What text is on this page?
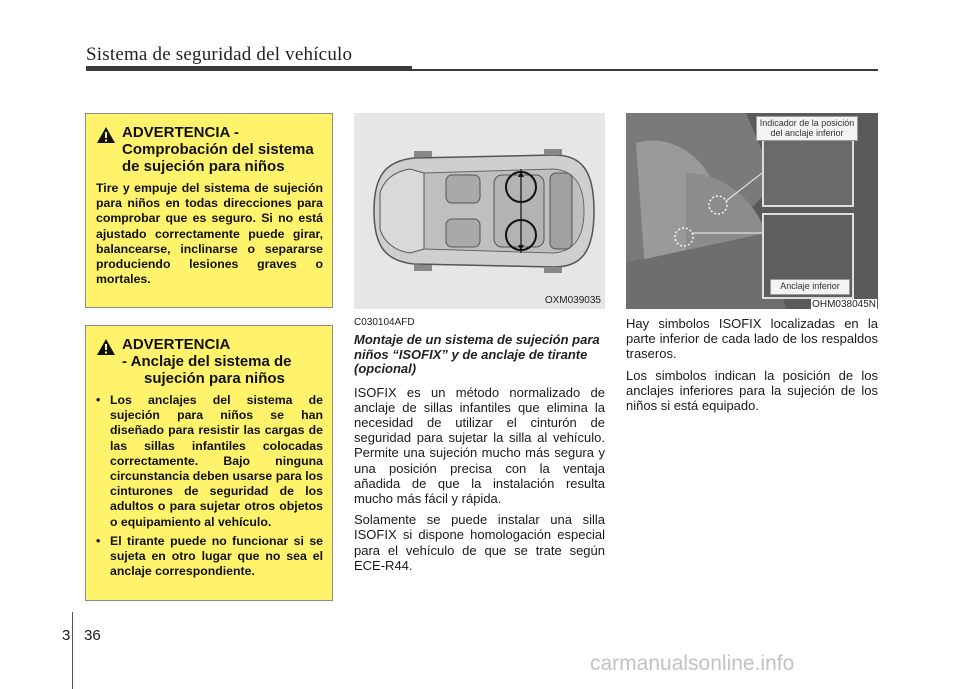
Sistema de seguridad del vehículo
ADVERTENCIA -
Comprobación del sistema
de sujeción para niños
Tire y empuje del sistema de sujeción para niños en todas direcciones para comprobar que es seguro. Si no está ajustado correctamente puede girar, balancearse, inclinarse o separarse produciendo lesiones graves o mortales.
ADVERTENCIA
- Anclaje del sistema de
sujeción para niños
• Los anclajes del sistema de sujeción para niños se han diseñado para resistir las cargas de las sillas infantiles colocadas correctamente. Bajo ninguna circunstancia deben usarse para los cinturones de seguridad de los adultos o para sujetar otros objetos o equipamiento al vehículo.
• El tirante puede no funcionar si se sujeta en otro lugar que no sea el anclaje correspondiente.
OXM039035
Indicador de la posición del anclaje inferior
Anclaje inferior
OHM038045N
C030104AFD
Montaje de un sistema de sujeción para niños “ISOFIX” y de anclaje de tirante (opcional)

ISOFIX es un método normalizado de anclaje de sillas infantiles que elimina la necesidad de utilizar el cinturón de seguridad para sujetar la silla al vehículo. Permite una sujeción mucho más segura y una posición precisa con la ventaja añadida de que la instalación resulta mucho más fácil y rápida.

Solamente se puede instalar una silla ISOFIX si dispone homologación especial para el vehículo de que se trate según ECE-R44.

Hay simbolos ISOFIX localizadas en la parte inferior de cada lado de los respaldos traseros.

Los simbolos indican la posición de los anclajes inferiores para la sujeción de los niños si está equipado.

3 36
carmanualsonline.info
